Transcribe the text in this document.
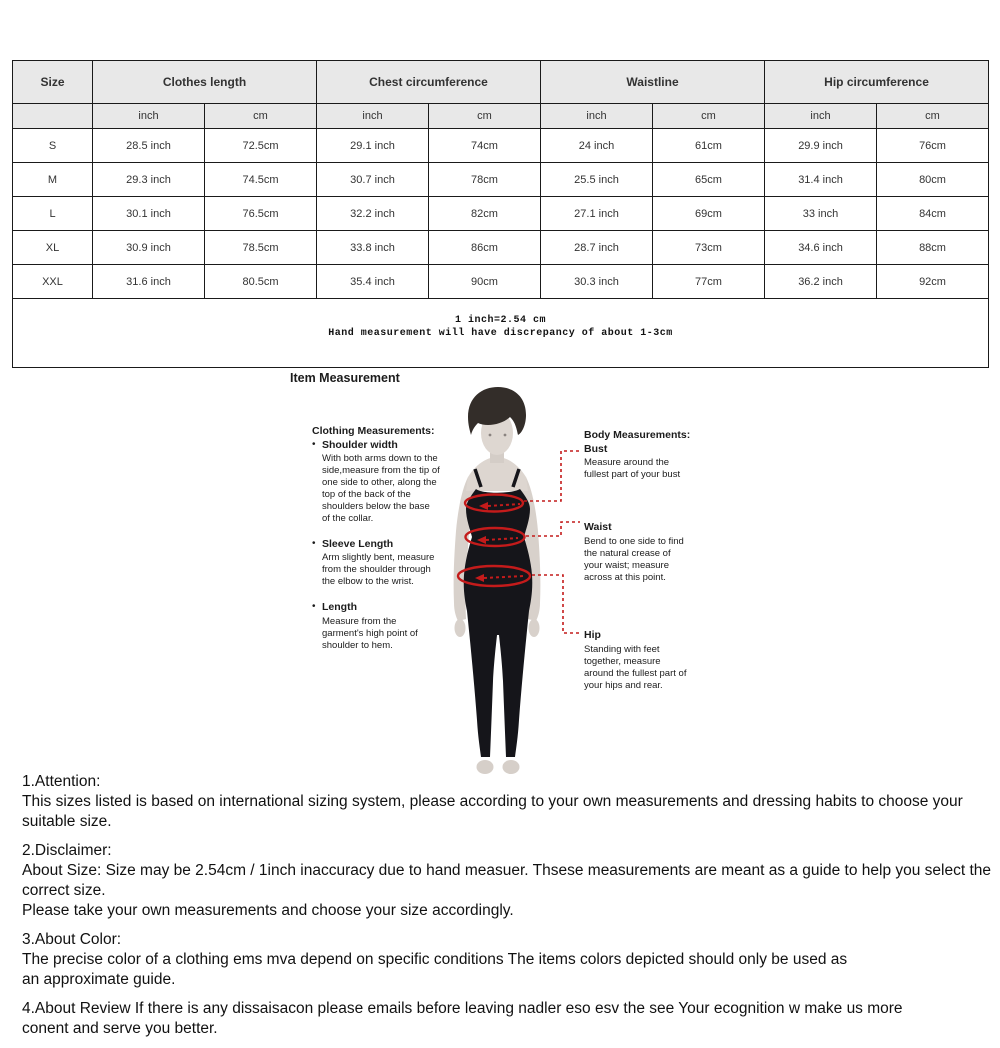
Size	Clothes length		Chest circumference		Waistline		Hip circumference	
	inch	cm	inch	cm	inch	cm	inch	cm
S	28.5 inch	72.5cm	29.1 inch	74cm	24 inch	61cm	29.9 inch	76cm
M	29.3 inch	74.5cm	30.7 inch	78cm	25.5 inch	65cm	31.4 inch	80cm
L	30.1 inch	76.5cm	32.2 inch	82cm	27.1 inch	69cm	33 inch	84cm
XL	30.9 inch	78.5cm	33.8 inch	86cm	28.7 inch	73cm	34.6 inch	88cm
XXL	31.6 inch	80.5cm	35.4 inch	90cm	30.3 inch	77cm	36.2 inch	92cm

1 inch=2.54 cm
Hand measurement will have discrepancy of about 1-3cm								
Item Measurement
Clothing Measurements:
• Shoulder width
With both arms down to the side,measure from the tip of one side to other, along the top of the back of the shoulders below the base of the collar.
• Sleeve Length
Arm slightly bent, measure from the shoulder through the elbow to the wrist.
• Length
Measure from the garment's high point of shoulder to hem.
Body Measurements:
Bust
Measure around the fullest part of your bust
Waist
Bend to one side to find the natural crease of your waist; measure across at this point.
Hip
Standing with feet together, measure around the fullest part of your hips and rear.
1.Attention:
This sizes listed is based on international sizing system, please according to your own measurements and dressing habits to choose your suitable size.
2.Disclaimer:
About Size: Size may be 2.54cm / 1inch inaccuracy due to hand measuer. Thsese measurements are meant as a guide to help you select the correct size.
Please take your own measurements and choose your size accordingly.
3.About Color:
The precise color of a clothing ems mva depend on specific conditions The items colors depicted should only be used as
an approximate guide.
4.About Review If there is any dissaisacon please emails before leaving nadler eso esv the see Your ecognition w make us more
conent and serve you better.
